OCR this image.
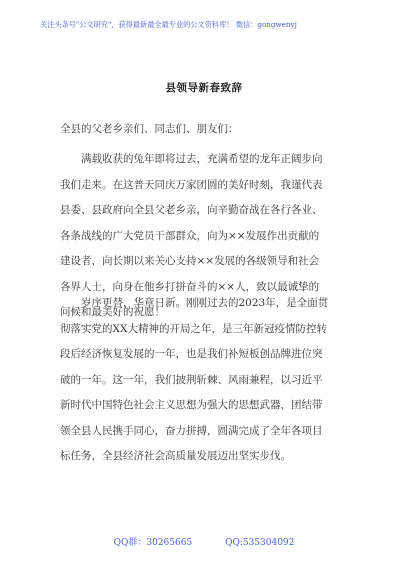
关注头条号"公文研究"，获得最新最全最专业的公文资料库！ 微信：gongwenyj
县领导新春致辞
全县的父老乡亲们、同志们、朋友们：
满载收获的兔年即将过去，充满希望的龙年正阔步向
我们走来。在这普天同庆万家团圆的美好时刻，我谨代表
县委、县政府向全县父老乡亲，向辛勤奋战在各行各业、
各条战线的广大党员干部群众，向为××发展作出贡献的
建设者，向长期以来关心支持××发展的各级领导和社会
各界人士，向身在他乡打拼奋斗的××人，致以最诚挚的
问候和最美好的祝愿！
岁序更替，华章日新。刚刚过去的2023年，是全面贯
彻落实党的XX大精神的开局之年，是三年新冠疫情防控转
段后经济恢复发展的一年，也是我们补短板创品牌进位突
破的一年。这一年，我们披荆斩棘、风雨兼程，以习近平
新时代中国特色社会主义思想为强大的思想武器，团结带
领全县人民携手同心，奋力拼搏，圆满完成了全年各项目
标任务，全县经济社会高质量发展迈出坚实步伐。
QQ群：30265665	QQ:535304092
